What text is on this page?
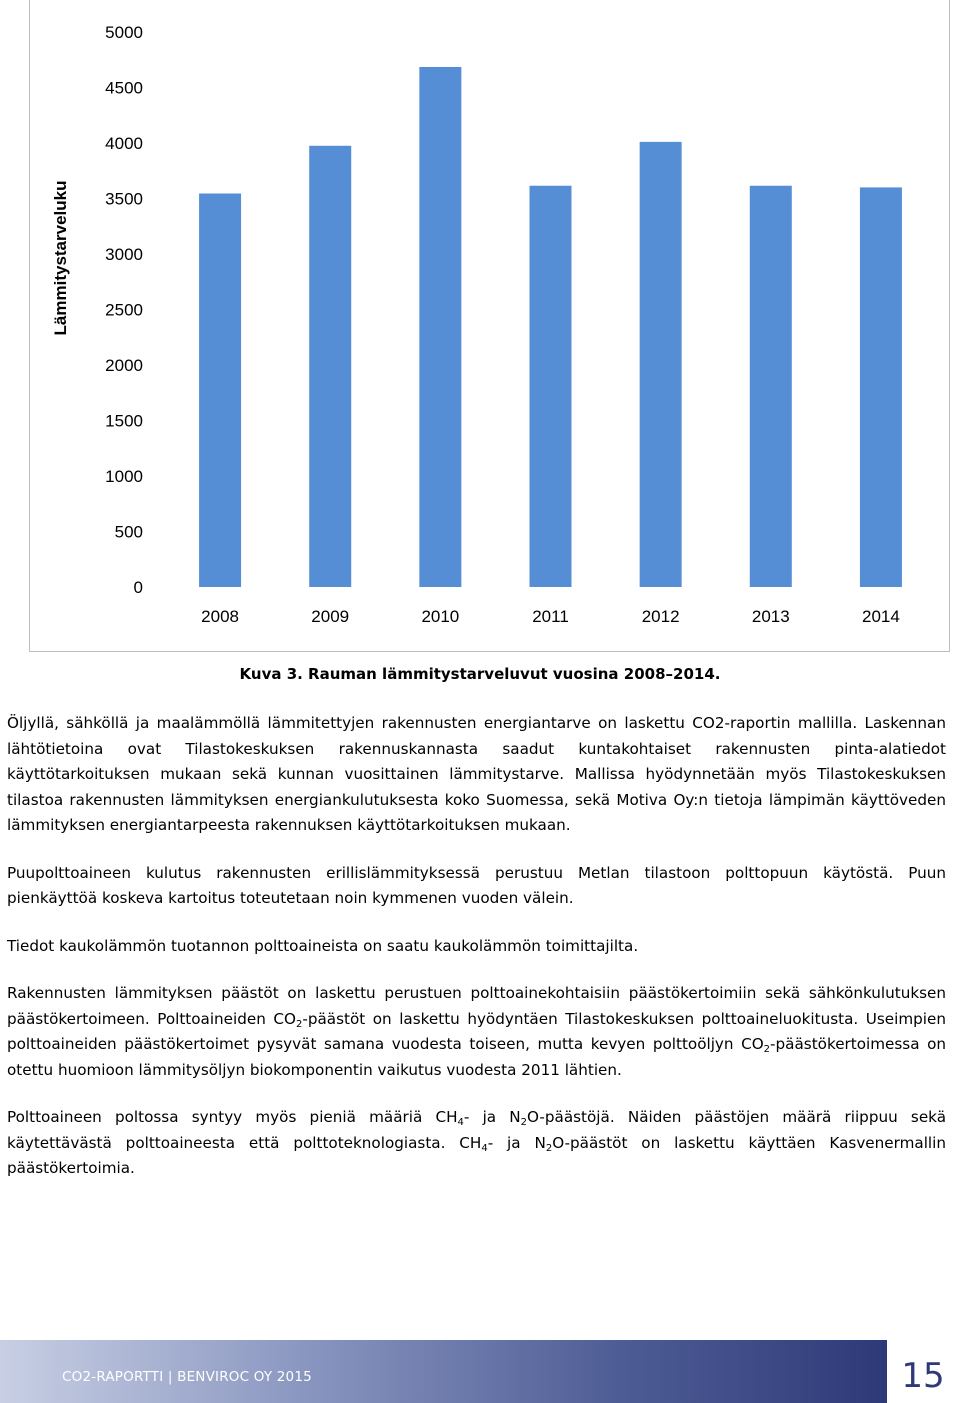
Lämmitystarveluku
0
500
1000
1500
2000
2500
3000
3500
4000
4500
5000
2008	2009	2010	2011	2012	2013	2014
Kuva 3. Rauman lämmitystarveluvut vuosina 2008–2014.

Öljyllä, sähköllä ja maalämmöllä lämmitettyjen rakennusten energiantarve on laskettu CO2-raportin mallilla. Laskennan lähtötietoina ovat Tilastokeskuksen rakennuskannasta saadut kuntakohtaiset rakennusten pinta-alatiedot käyttötarkoituksen mukaan sekä kunnan vuosittainen lämmitystarve. Mallissa hyödynnetään myös Tilastokeskuksen tilastoa rakennusten lämmityksen energiankulutuksesta koko Suomessa, sekä Motiva Oy:n tietoja lämpimän käyttöveden lämmityksen energiantarpeesta rakennuksen käyttötarkoituksen mukaan.

Puupolttoaineen kulutus rakennusten erillislämmityksessä perustuu Metlan tilastoon polttopuun käytöstä. Puun pienkäyttöä koskeva kartoitus toteutetaan noin kymmenen vuoden välein.

Tiedot kaukolämmön tuotannon polttoaineista on saatu kaukolämmön toimittajilta.

Rakennusten lämmityksen päästöt on laskettu perustuen polttoainekohtaisiin päästökertoimiin sekä sähkönkulutuksen päästökertoimeen. Polttoaineiden $CO_2$-päästöt on laskettu hyödyntäen Tilastokeskuksen polttoaineluokitusta. Useimpien polttoaineiden päästökertoimet pysyvät samana vuodesta toiseen, mutta kevyen polttoöljyn $CO_2$-päästökertoimessa on otettu huomioon lämmitysöljyn biokomponentin vaikutus vuodesta 2011 lähtien.

Polttoaineen poltossa syntyy myös pieniä määriä $CH_4-$ ja $N_2O$-päästöjä. Näiden päästöjen määrä riippuu sekä käytettävästä polttoaineesta että polttoteknologiasta. $CH_4-$ ja $N_2O$-päästöt on laskettu käyttäen Kasvenermallin päästökertoimia.

CO2-RAPORTTI | BENVIROC OY 2015	15
